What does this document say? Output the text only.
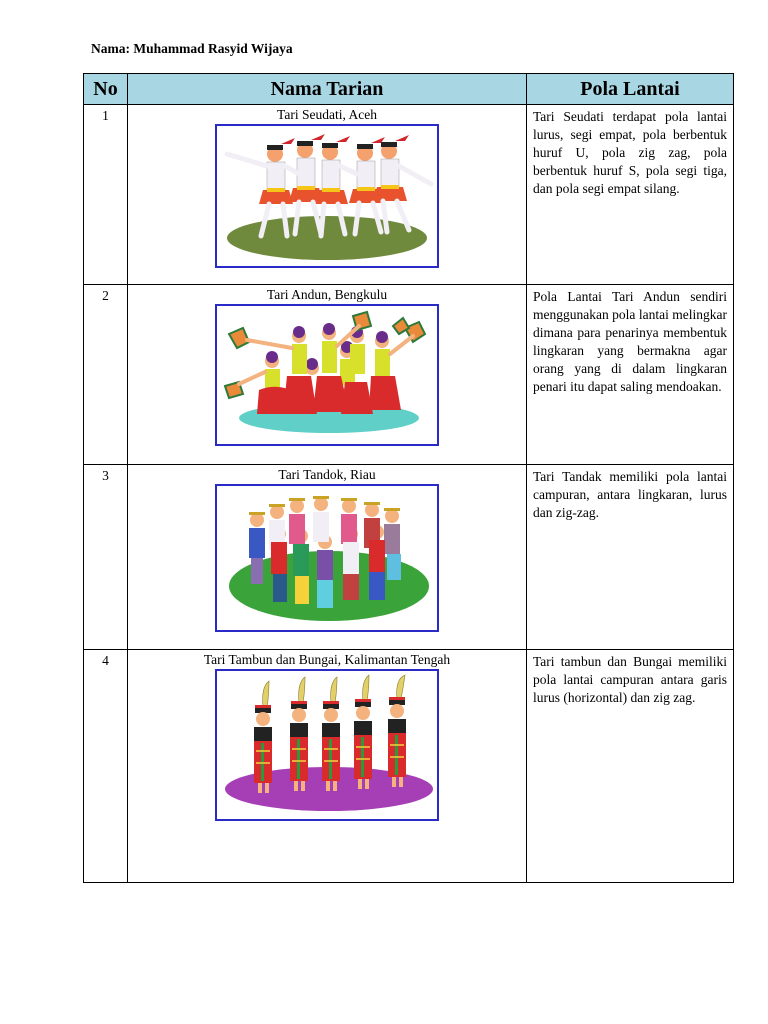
Nama: Muhammad Rasyid Wijaya
No	Nama Tarian	Pola Lantai
1	Tari Seudati, Aceh	Tari Seudati terdapat pola lantai lurus, segi empat, pola berbentuk huruf U, pola zig zag, pola berbentuk huruf S, pola segi tiga, dan pola segi empat silang.

2	Tari Andun, Bengkulu	Pola Lantai Tari Andun sendiri menggunakan pola lantai melingkar dimana para penarinya membentuk lingkaran yang bermakna agar orang yang di dalam lingkaran penari itu dapat saling mendoakan.

3	Tari Tandok, Riau	Tari Tandak memiliki pola lantai campuran, antara lingkaran, lurus dan zig-zag.

4	Tari Tambun dan Bungai, Kalimantan Tengah	Tari tambun dan Bungai memiliki pola lantai campuran antara garis lurus (horizontal) dan zig zag.
